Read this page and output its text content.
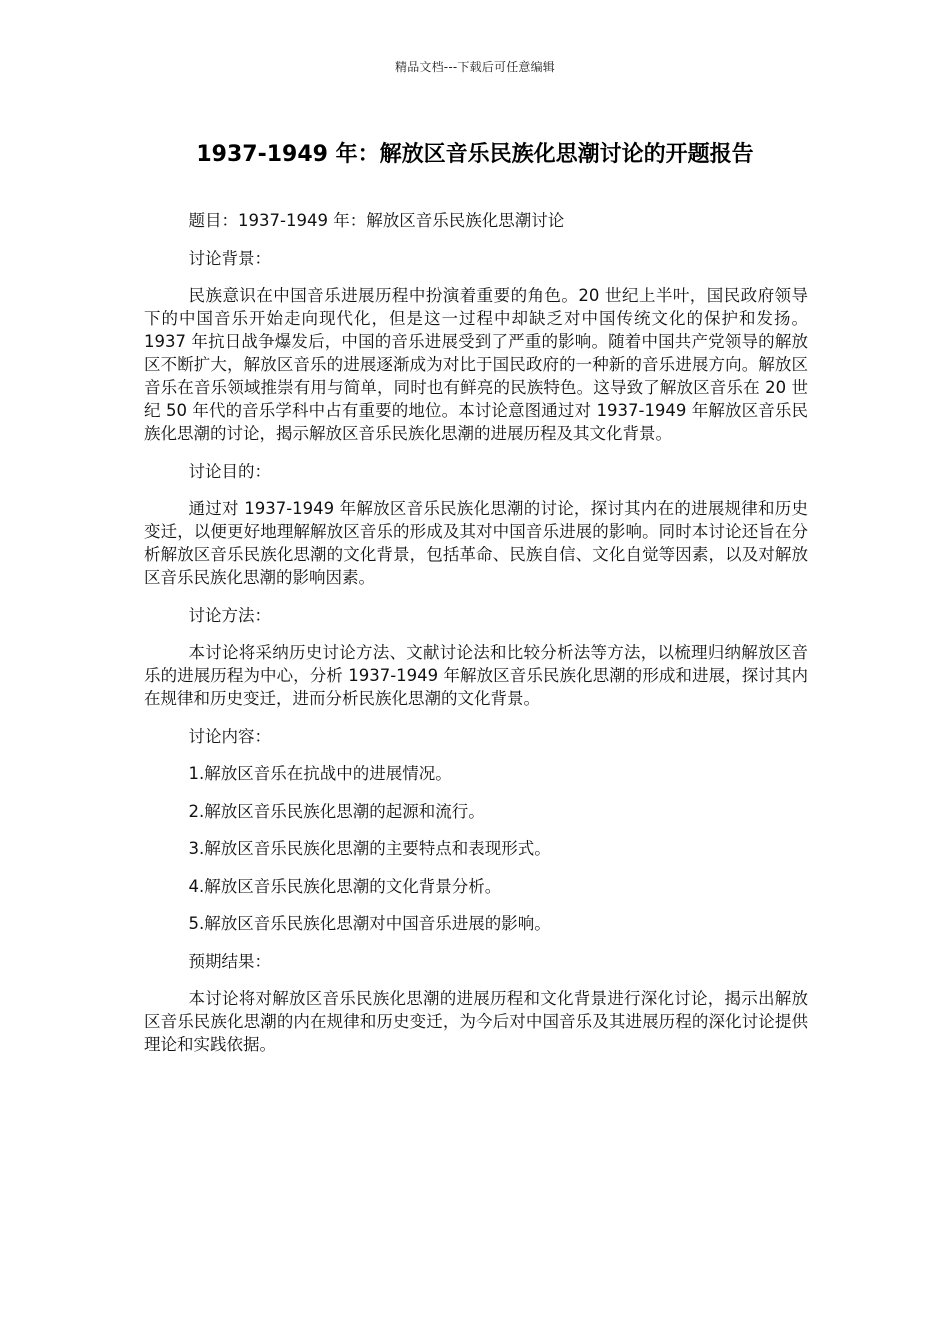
精品文档---下载后可任意编辑
1937-1949 年：解放区音乐民族化思潮讨论的开题报告

题目：1937-1949 年：解放区音乐民族化思潮讨论

讨论背景：

民族意识在中国音乐进展历程中扮演着重要的角色。20 世纪上半叶，国民政府领导下的中国音乐开始走向现代化，但是这一过程中却缺乏对中国传统文化的保护和发扬。1937 年抗日战争爆发后，中国的音乐进展受到了严重的影响。随着中国共产党领导的解放区不断扩大，解放区音乐的进展逐渐成为对比于国民政府的一种新的音乐进展方向。解放区音乐在音乐领域推崇有用与简单，同时也有鲜亮的民族特色。这导致了解放区音乐在 20 世纪 50 年代的音乐学科中占有重要的地位。本讨论意图通过对 1937-1949 年解放区音乐民族化思潮的讨论，揭示解放区音乐民族化思潮的进展历程及其文化背景。

讨论目的：

通过对 1937-1949 年解放区音乐民族化思潮的讨论，探讨其内在的进展规律和历史变迁，以便更好地理解解放区音乐的形成及其对中国音乐进展的影响。同时本讨论还旨在分析解放区音乐民族化思潮的文化背景，包括革命、民族自信、文化自觉等因素，以及对解放区音乐民族化思潮的影响因素。

讨论方法：

本讨论将采纳历史讨论方法、文献讨论法和比较分析法等方法，以梳理归纳解放区音乐的进展历程为中心，分析 1937-1949 年解放区音乐民族化思潮的形成和进展，探讨其内在规律和历史变迁，进而分析民族化思潮的文化背景。

讨论内容：

1.解放区音乐在抗战中的进展情况。

2.解放区音乐民族化思潮的起源和流行。

3.解放区音乐民族化思潮的主要特点和表现形式。

4.解放区音乐民族化思潮的文化背景分析。

5.解放区音乐民族化思潮对中国音乐进展的影响。

预期结果：

本讨论将对解放区音乐民族化思潮的进展历程和文化背景进行深化讨论，揭示出解放区音乐民族化思潮的内在规律和历史变迁，为今后对中国音乐及其进展历程的深化讨论提供理论和实践依据。
